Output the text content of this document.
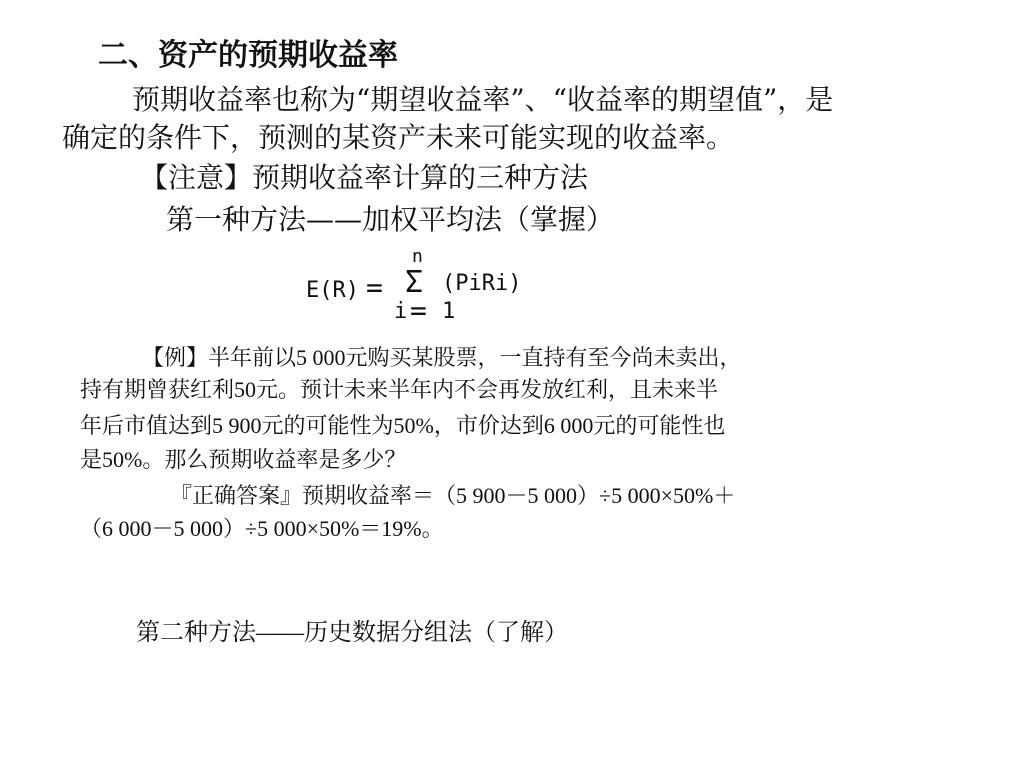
二、资产的预期收益率

预期收益率也称为“期望收益率”、“收益率的期望值”，是

确定的条件下，预测的某资产未来可能实现的收益率。

【注意】预期收益率计算的三种方法

第一种方法——加权平均法（掌握）

E(R) =
n
Σ
i = 1
(PiRi)

【例】半年前以5 000元购买某股票，一直持有至今尚未卖出，

持有期曾获红利50元。预计未来半年内不会再发放红利，且未来半

年后市值达到5 900元的可能性为50%，市价达到6 000元的可能性也

是50%。那么预期收益率是多少？

『正确答案』预期收益率＝（5 900－5 000）÷5 000×50%＋

（6 000－5 000）÷5 000×50%＝19%。

第二种方法——历史数据分组法（了解）
